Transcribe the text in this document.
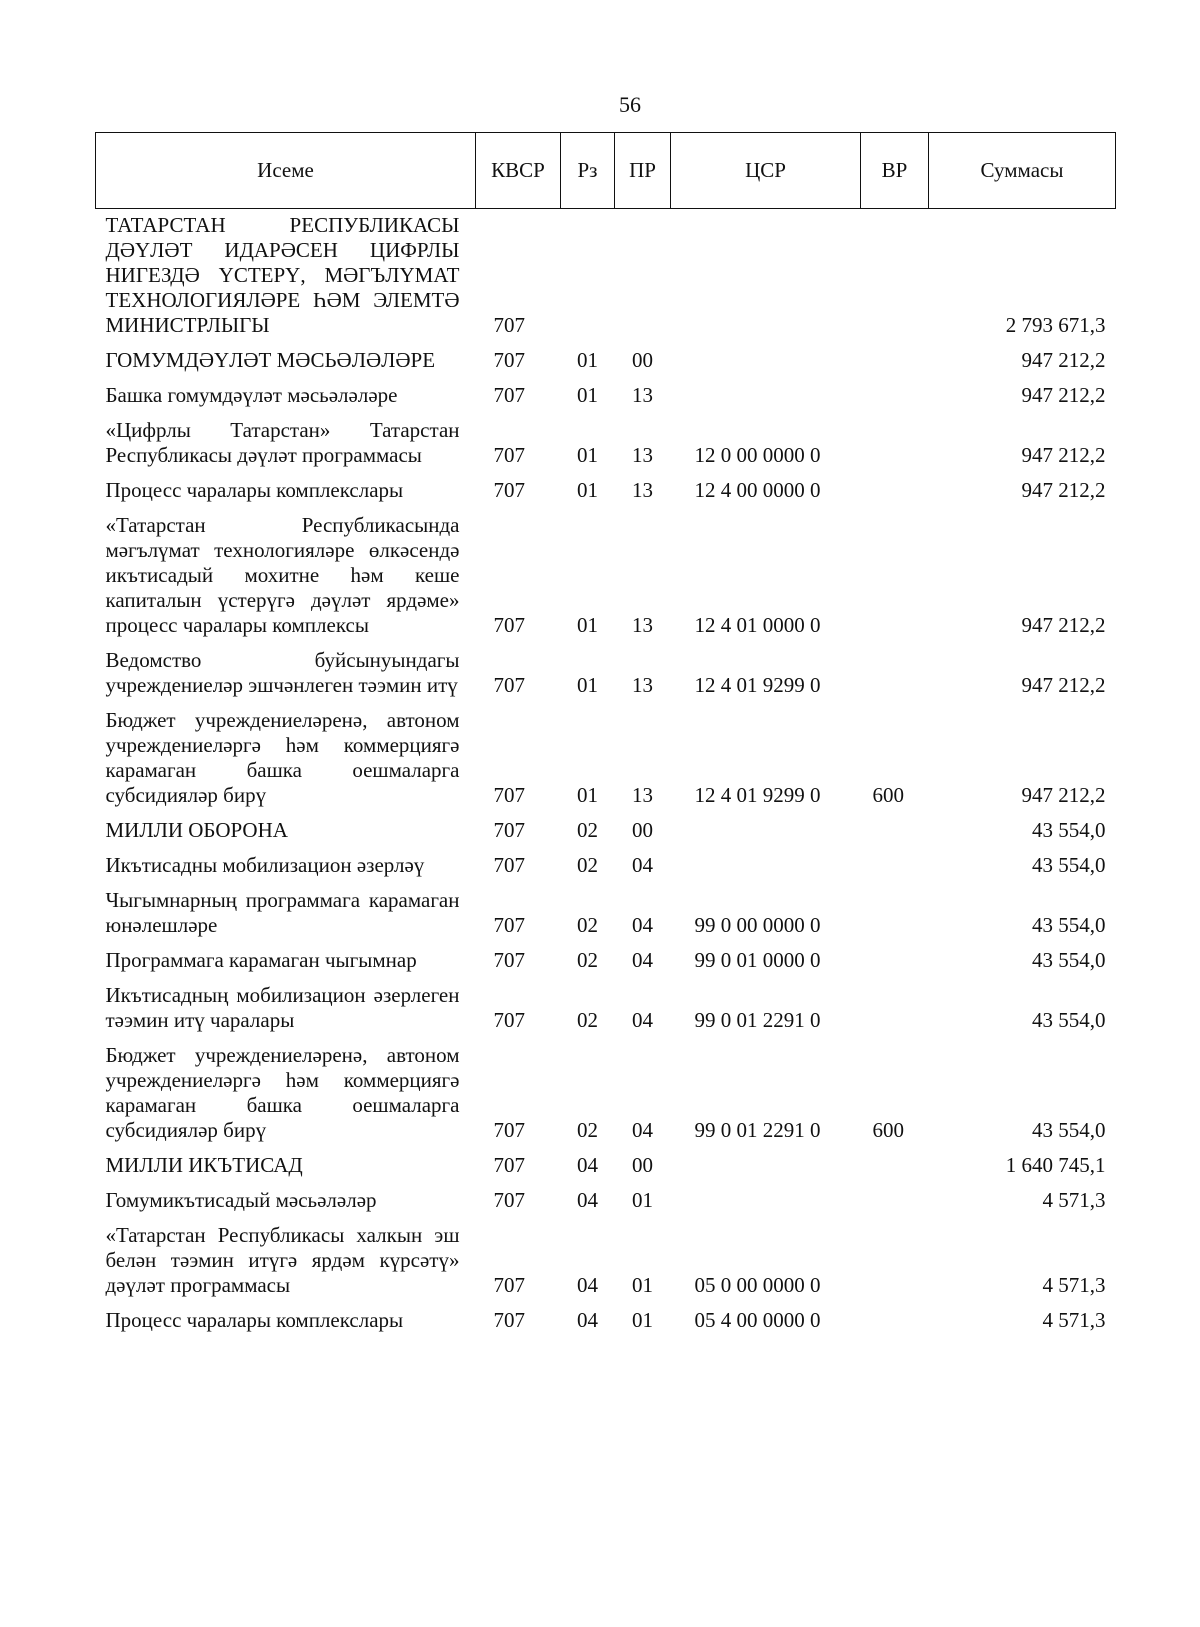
56
Исеме	КВСР	Рз	ПР	ЦСР	ВР	Суммасы
ТАТАРСТАН РЕСПУБЛИКАСЫ ДӘҮЛӘТ ИДАРӘСЕН ЦИФРЛЫ НИГЕЗДӘ ҮСТЕРҮ, МӘГЪЛҮМАТ ТЕХНОЛОГИЯЛӘРЕ ҺӘМ ЭЛЕМТӘ МИНИСТРЛЫГЫ	707					2 793 671,3
ГОМУМДӘҮЛӘТ МӘСЬӘЛӘЛӘРЕ	707	01	00			947 212,2
Башка гомумдәүләт мәсьәләләре	707	01	13			947 212,2
«Цифрлы Татарстан» Татарстан Республикасы дәүләт программасы	707	01	13	12 0 00 0000 0		947 212,2
Процесс чаралары комплекслары	707	01	13	12 4 00 0000 0		947 212,2
«Татарстан Республикасында мәгълүмат технологияләре өлкәсендә икътисадый мохитне һәм кеше капиталын үстерүгә дәүләт ярдәме» процесс чаралары комплексы	707	01	13	12 4 01 0000 0		947 212,2
Ведомство буйсынуындагы учреждениеләр эшчәнлеген тәэмин итү	707	01	13	12 4 01 9299 0		947 212,2
Бюджет учреждениеләренә, автоном учреждениеләргә һәм коммерциягә карамаган башка оешмаларга субсидияләр бирү	707	01	13	12 4 01 9299 0	600	947 212,2
МИЛЛИ ОБОРОНА	707	02	00			43 554,0
Икътисадны мобилизацион әзерләү	707	02	04			43 554,0
Чыгымнарның программага карамаган юнәлешләре	707	02	04	99 0 00 0000 0		43 554,0
Программага карамаган чыгымнар	707	02	04	99 0 01 0000 0		43 554,0
Икътисадның мобилизацион әзерлеген тәэмин итү чаралары	707	02	04	99 0 01 2291 0		43 554,0
Бюджет учреждениеләренә, автоном учреждениеләргә һәм коммерциягә карамаган башка оешмаларга субсидияләр бирү	707	02	04	99 0 01 2291 0	600	43 554,0
МИЛЛИ ИКЪТИСАД	707	04	00			1 640 745,1
Гомумикътисадый мәсьәләләр	707	04	01			4 571,3
«Татарстан Республикасы халкын эш белән тәэмин итүгә ярдәм күрсәтү» дәүләт программасы	707	04	01	05 0 00 0000 0		4 571,3
Процесс чаралары комплекслары	707	04	01	05 4 00 0000 0		4 571,3
